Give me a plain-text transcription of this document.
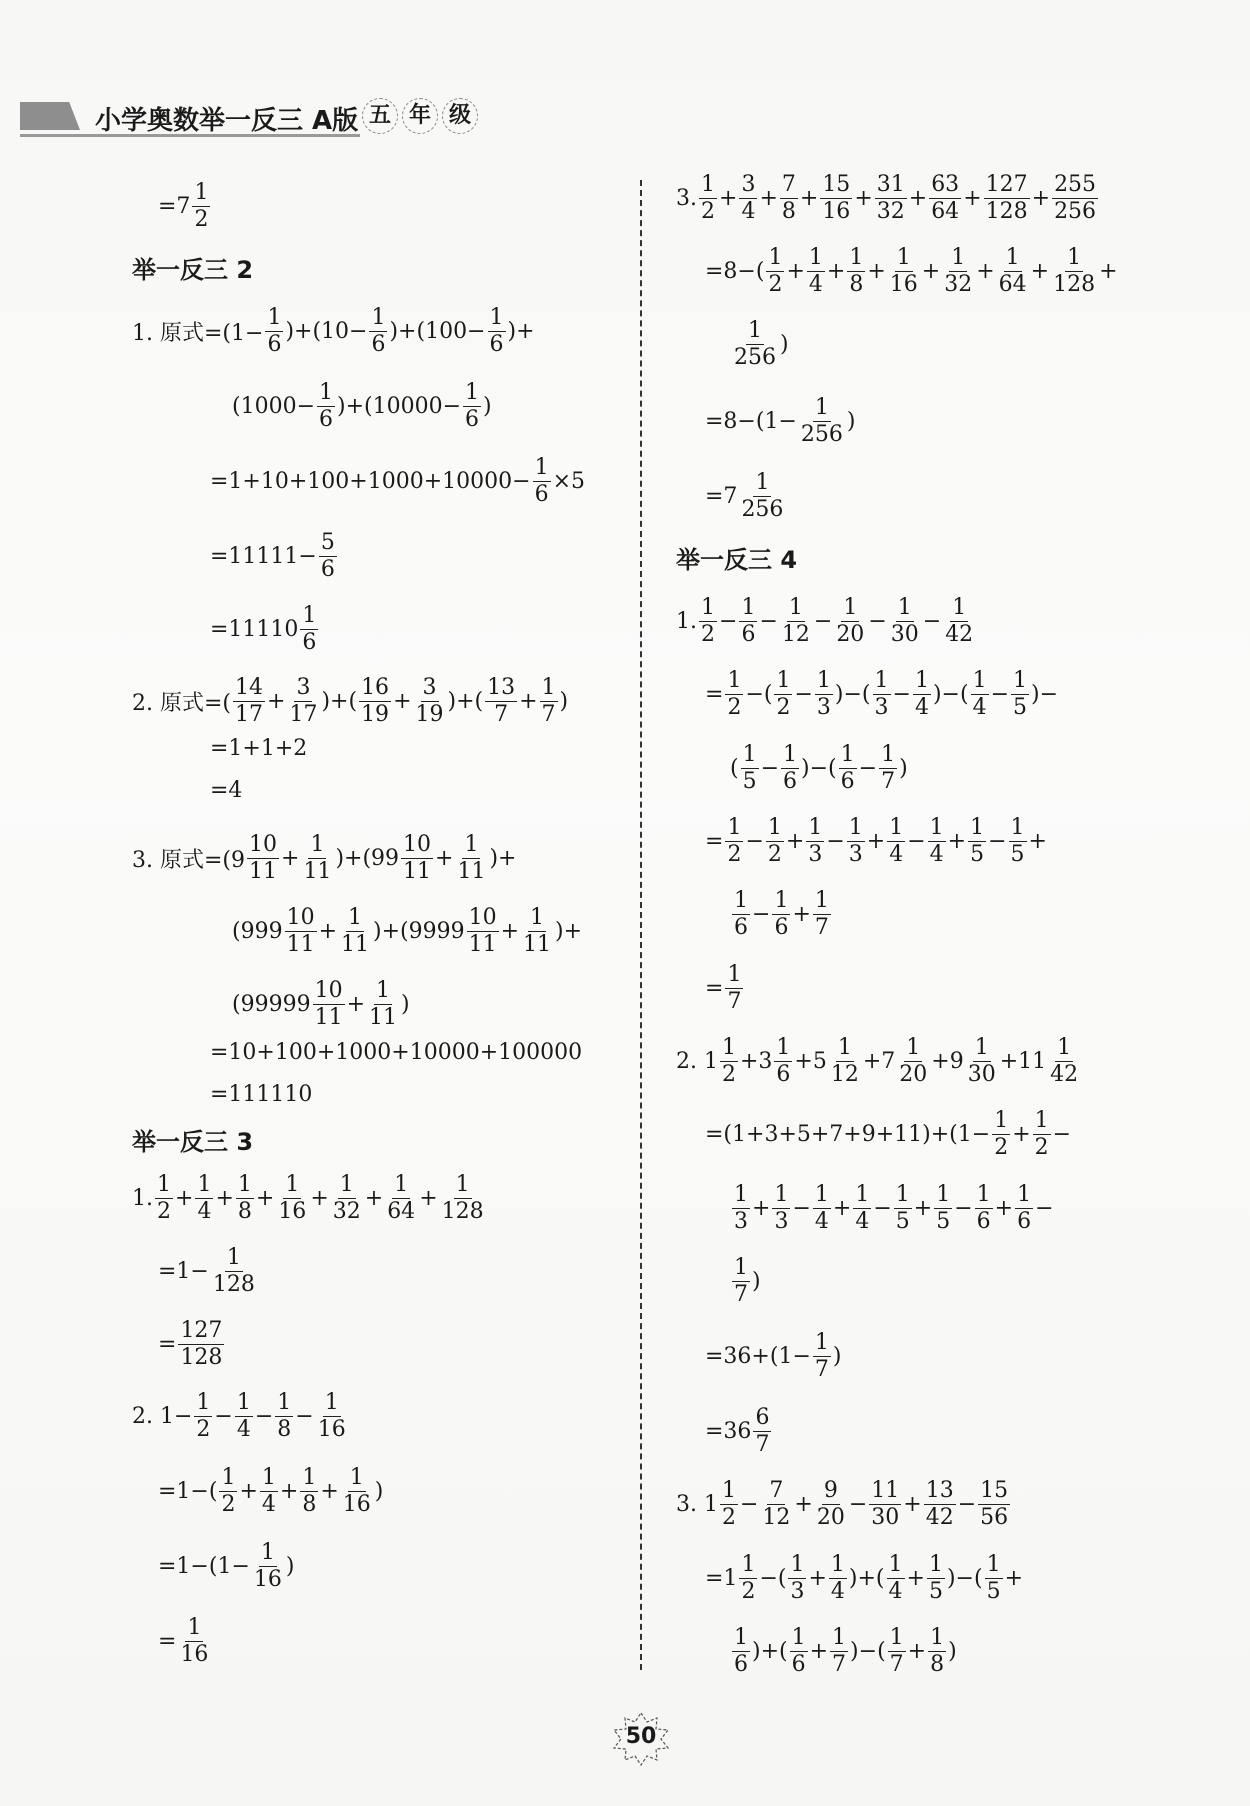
小学奥数举一反三 A版 五 年 级
$=7 \frac{1}{2}$
举一反三 2
1. 原式$=(1- \frac{1}{6} )+(10- \frac{1}{6} )+(100- \frac{1}{6}$ )+
$(1000- \frac{1}{6} )+(10000- \frac{1}{6}$ )
$=1+10+100+1000+10000- \frac{1}{6} \times 5$
$=11111- \frac{5}{6}$
$=11110 \frac{1}{6}$
2. 原式=( $\frac{14}{17} + \frac{3}{17}$ )+( $\frac{16}{19} + \frac{3}{19}$ )+( $\frac{13}{7} + \frac{1}{7}$ )
=1+1+2
=4
3. 原式$=(9 \frac{10}{11} + \frac{1}{11} )+(99 \frac{10}{11} + \frac{1}{11}$ )+
$(999 \frac{10}{11} + \frac{1}{11} )+(9999 \frac{10}{11} + \frac{1}{11}$ )+
($99999 \frac{10}{11} + \frac{1}{11}$ )
=10+100+1000+10000+100000
=111110
举一反三 3
1. $\frac{1}{2} + \frac{1}{4} + \frac{1}{8} + \frac{1}{16} + \frac{1}{32} + \frac{1}{64} + \frac{1}{128}$
$=1- \frac{1}{128}$
= $\frac{127}{128}$
2. $1- \frac{1}{2} - \frac{1}{4} - \frac{1}{8} - \frac{1}{16}$
$=1-( \frac{1}{2} + \frac{1}{4} + \frac{1}{8} + \frac{1}{16}$ )
$=1-(1- \frac{1}{16}$ )
= $\frac{1}{16}$
3. $\frac{1}{2} + \frac{3}{4} + \frac{7}{8} + \frac{15}{16} + \frac{31}{32} + \frac{63}{64} + \frac{127}{128} + \frac{255}{256}$
$=8-( \frac{1}{2} + \frac{1}{4} + \frac{1}{8} + \frac{1}{16} + \frac{1}{32} + \frac{1}{64} + \frac{1}{128}$ +
$\frac{1}{256}$ )
$=8-(1- \frac{1}{256}$ )
$=7 \frac{1}{256}$
举一反三 4
1. $\frac{1}{2} - \frac{1}{6} - \frac{1}{12} - \frac{1}{20} - \frac{1}{30} - \frac{1}{42}$
= $\frac{1}{2}$ −( $\frac{1}{2} - \frac{1}{3}$ )−( $\frac{1}{3} - \frac{1}{4}$ )−( $\frac{1}{4} - \frac{1}{5}$ )−
( $\frac{1}{5} - \frac{1}{6}$ )−( $\frac{1}{6} - \frac{1}{7}$ )
= $\frac{1}{2} - \frac{1}{2} + \frac{1}{3} - \frac{1}{3} + \frac{1}{4} - \frac{1}{4} + \frac{1}{5} - \frac{1}{5}$ +
$\frac{1}{6} - \frac{1}{6} + \frac{1}{7}$
= $\frac{1}{7}$
2. $1 \frac{1}{2} +3 \frac{1}{6} +5 \frac{1}{12} +7 \frac{1}{20} +9 \frac{1}{30} +11 \frac{1}{42}$
$=(1+3+5+7+9+11)+(1- \frac{1}{2} + \frac{1}{2}$ −
$\frac{1}{3} + \frac{1}{3} - \frac{1}{4} + \frac{1}{4} - \frac{1}{5} + \frac{1}{5} - \frac{1}{6} + \frac{1}{6}$ −
$\frac{1}{7}$ )
$=36+(1- \frac{1}{7}$ )
$=36 \frac{6}{7}$
3. $1 \frac{1}{2} - \frac{7}{12} + \frac{9}{20} - \frac{11}{30} + \frac{13}{42} - \frac{15}{56}$
$=1 \frac{1}{2}$ −( $\frac{1}{3} + \frac{1}{4}$ )+( $\frac{1}{4} + \frac{1}{5}$ )−( $\frac{1}{5}$ +
$\frac{1}{6}$ )+( $\frac{1}{6} + \frac{1}{7}$ )−( $\frac{1}{7} + \frac{1}{8}$ )
50
